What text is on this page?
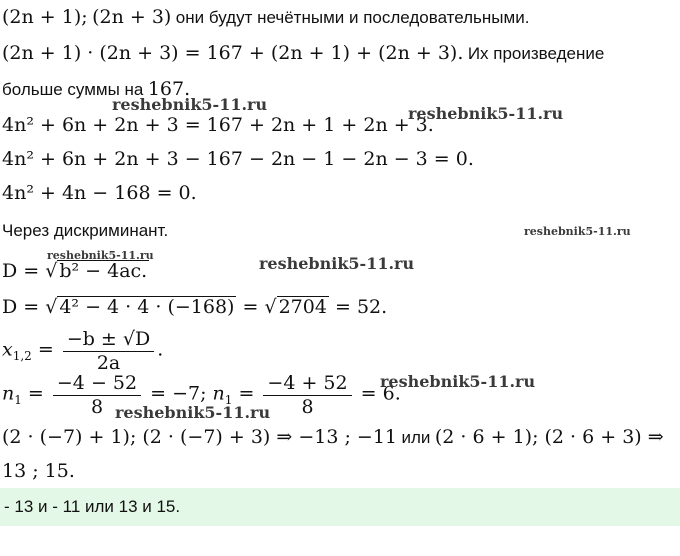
(2n + 1); (2n + 3) они будут нечётными и последовательными.
(2n + 1) · (2n + 3) = 167 + (2n + 1) + (2n + 3). Их произведение
больше суммы на 167.
4n² + 6n + 2n + 3 = 167 + 2n + 1 + 2n + 3.
4n² + 6n + 2n + 3 − 167 − 2n − 1 − 2n − 3 = 0.
4n² + 4n − 168 = 0.
Через дискриминант.
D = √ b² − 4ac.
D = √ 4² − 4 · 4 · (−168) = √ 2704 = 52.
$x_{1,2} = \frac{-b \pm √D}{2a}$ .
$n_1 = \frac{-4 - 52}{8} = -7$; $n_1 = \frac{-4 + 52}{8} = 6$.
(2 · (−7) + 1); (2 · (−7) + 3) ⇒ −13 ; −11 или (2 · 6 + 1); (2 · 6 + 3) ⇒
13 ; 15.
- 13 и - 11 или 13 и 15.
reshebnik5-11.ru	reshebnik5-11.ru
reshebnik5-11.ru
reshebnik5-11.ru	reshebnik5-11.ru
reshebnik5-11.ru
reshebnik5-11.ru
